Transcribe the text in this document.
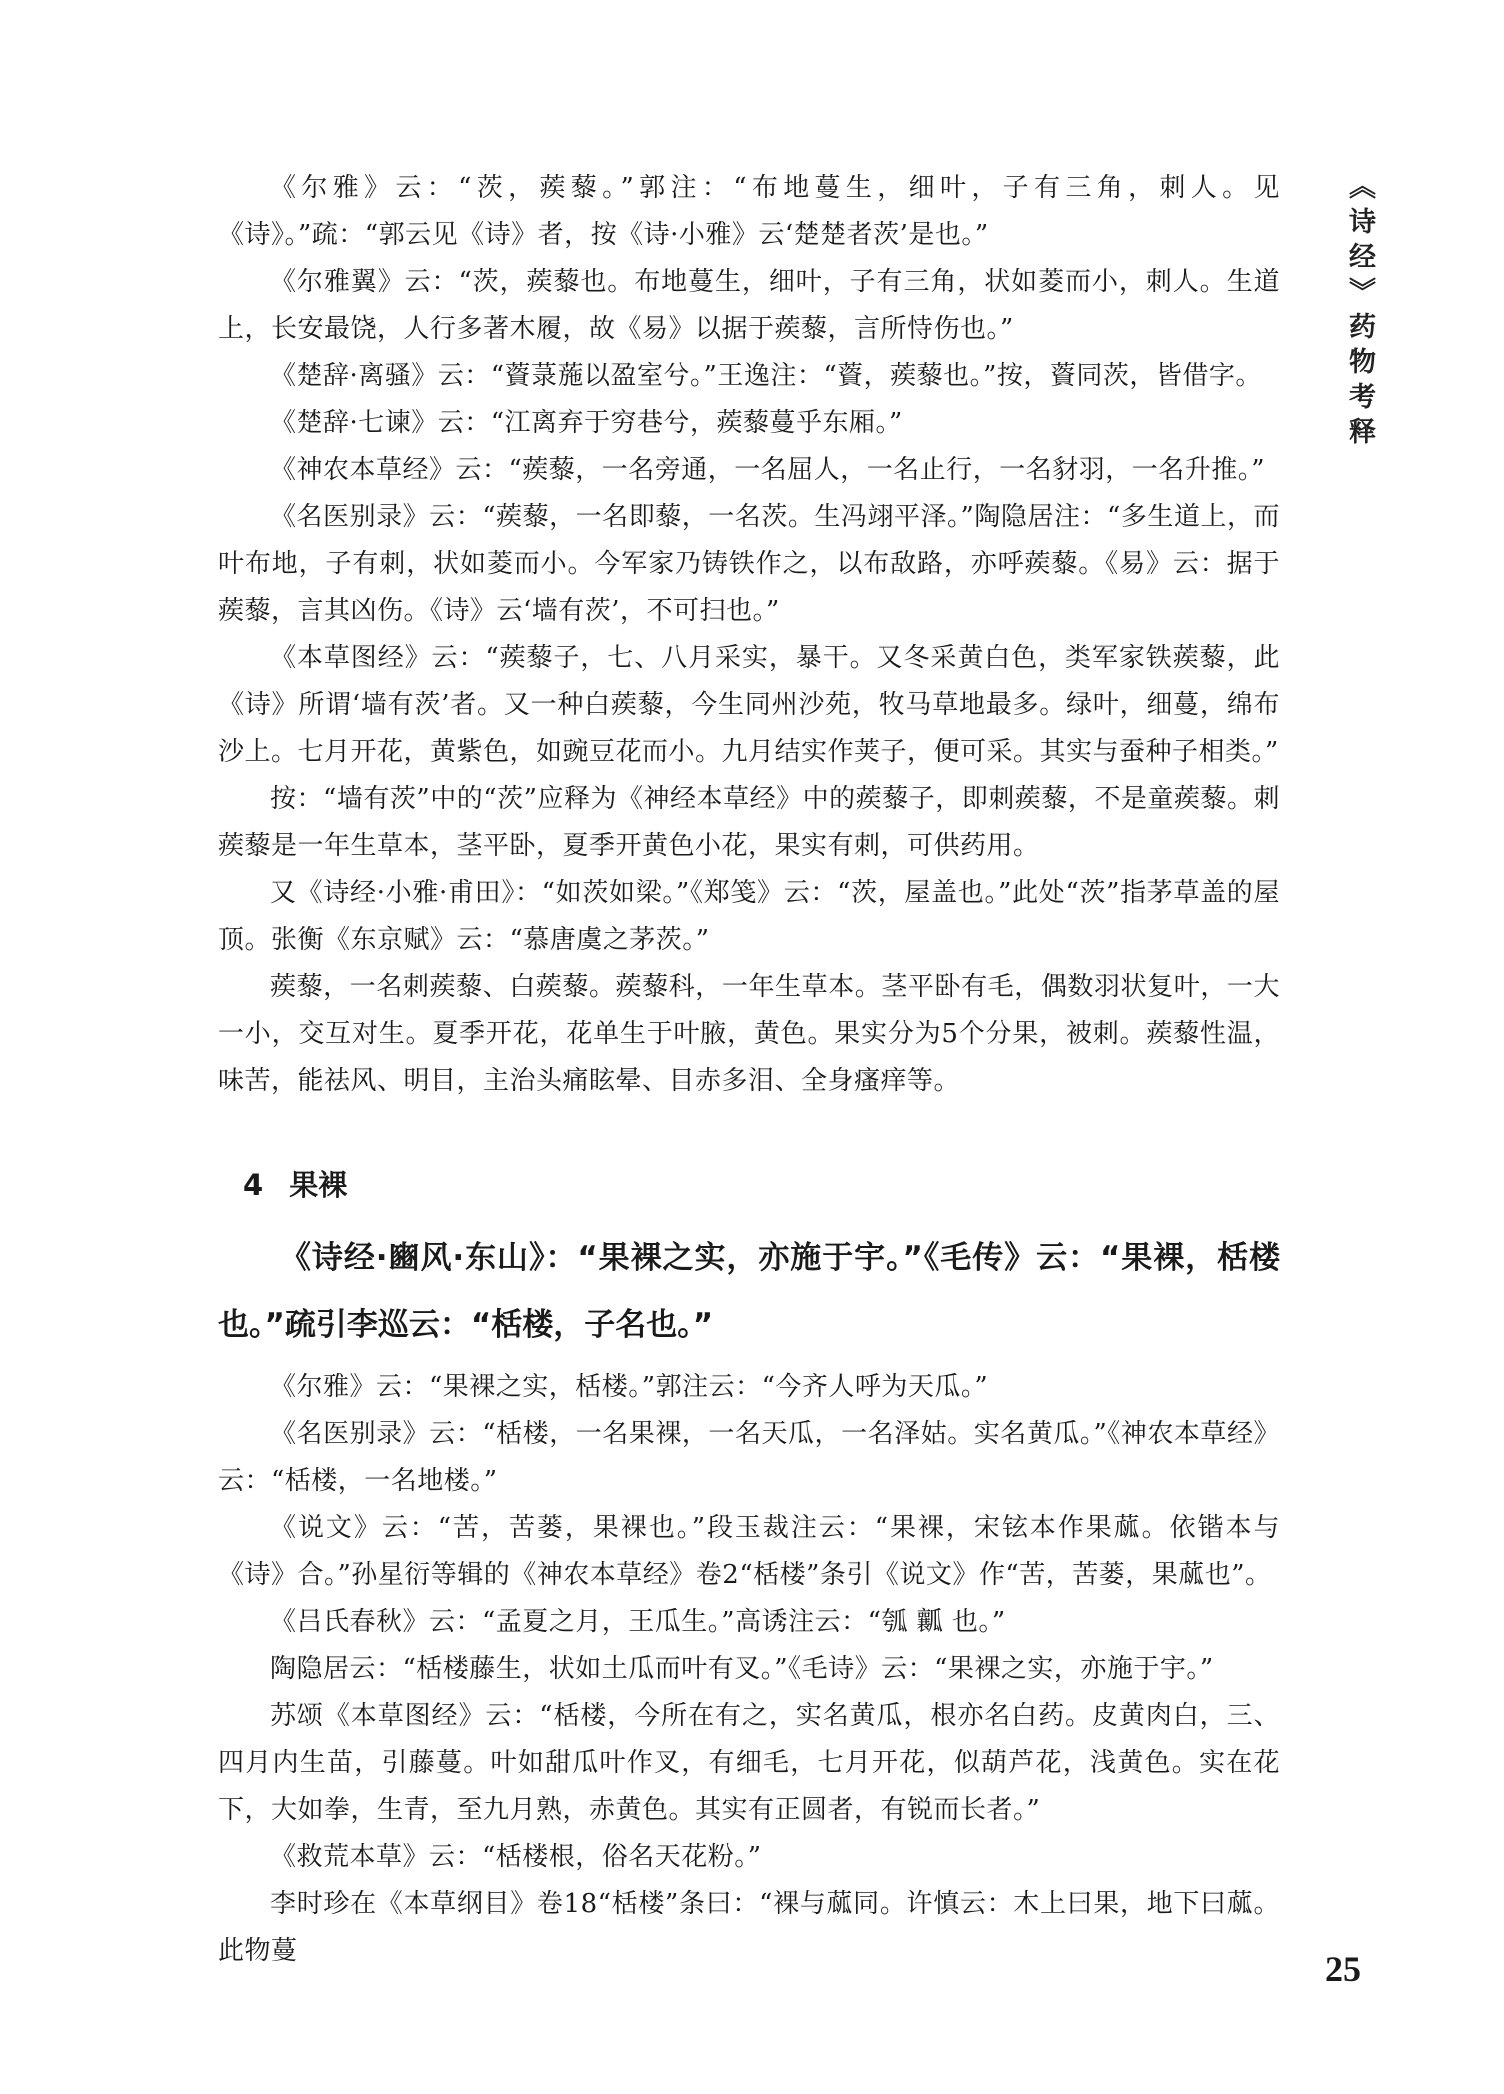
《诗经》药物考释

《尔雅》云：“茨，蒺藜。”郭注：“布地蔓生，细叶，子有三角，刺人。见《诗》。”疏：“郭云见《诗》者，按《诗·小雅》云‘楚楚者茨’是也。”

《尔雅翼》云：“茨，蒺藜也。布地蔓生，细叶，子有三角，状如菱而小，刺人。生道上，长安最饶，人行多著木履，故《易》以据于蒺藜，言所恃伤也。”

《楚辞·离骚》云：“薋菉葹以盈室兮。”王逸注：“薋，蒺藜也。”按，薋同茨，皆借字。

《楚辞·七谏》云：“江离弃于穷巷兮，蒺藜蔓乎东厢。”

《神农本草经》云：“蒺藜，一名旁通，一名屈人，一名止行，一名豺羽，一名升推。”

《名医别录》云：“蒺藜，一名即藜，一名茨。生冯翊平泽。”陶隐居注：“多生道上，而叶布地，子有刺，状如菱而小。今军家乃铸铁作之，以布敌路，亦呼蒺藜。《易》云：据于蒺藜，言其凶伤。《诗》云‘墙有茨’，不可扫也。”

《本草图经》云：“蒺藜子，七、八月采实，暴干。又冬采黄白色，类军家铁蒺藜，此《诗》所谓‘墙有茨’者。又一种白蒺藜，今生同州沙苑，牧马草地最多。绿叶，细蔓，绵布沙上。七月开花，黄紫色，如豌豆花而小。九月结实作荚子，便可采。其实与蚕种子相类。”

按：“墙有茨”中的“茨”应释为《神经本草经》中的蒺藜子，即刺蒺藜，不是童蒺藜。刺蒺藜是一年生草本，茎平卧，夏季开黄色小花，果实有刺，可供药用。

又《诗经·小雅·甫田》：“如茨如梁。”《郑笺》云：“茨，屋盖也。”此处“茨”指茅草盖的屋顶。张衡《东京赋》云：“慕唐虞之茅茨。”

蒺藜，一名刺蒺藜、白蒺藜。蒺藜科，一年生草本。茎平卧有毛，偶数羽状复叶，一大一小，交互对生。夏季开花，花单生于叶腋，黄色。果实分为5个分果，被刺。蒺藜性温，味苦，能祛风、明目，主治头痛眩晕、目赤多泪、全身瘙痒等。

4 果裸

《诗经·豳风·东山》：“果裸之实，亦施于宇。”《毛传》云：“果裸，栝楼也。”疏引李巡云：“栝楼，子名也。”

《尔雅》云：“果裸之实，栝楼。”郭注云：“今齐人呼为天瓜。”

《名医别录》云：“栝楼，一名果裸，一名天瓜，一名泽姑。实名黄瓜。”《神农本草经》云：“栝楼，一名地楼。”

《说文》云：“苦，苦蒌，果裸也。”段玉裁注云：“果裸，宋铉本作果蓏。依锴本与《诗》合。”孙星衍等辑的《神农本草经》卷2“栝楼”条引《说文》作“苦，苦蒌，果蓏也”。

《吕氏春秋》云：“孟夏之月，王瓜生。”高诱注云：“瓠 瓤 也。”

陶隐居云：“栝楼藤生，状如土瓜而叶有叉。”《毛诗》云：“果裸之实，亦施于宇。”

苏颂《本草图经》云：“栝楼，今所在有之，实名黄瓜，根亦名白药。皮黄肉白，三、四月内生苗，引藤蔓。叶如甜瓜叶作叉，有细毛，七月开花，似葫芦花，浅黄色。实在花下，大如拳，生青，至九月熟，赤黄色。其实有正圆者，有锐而长者。”

《救荒本草》云：“栝楼根，俗名天花粉。”

李时珍在《本草纲目》卷18“栝楼”条曰：“裸与蓏同。许慎云：木上曰果，地下曰蓏。此物蔓	25
